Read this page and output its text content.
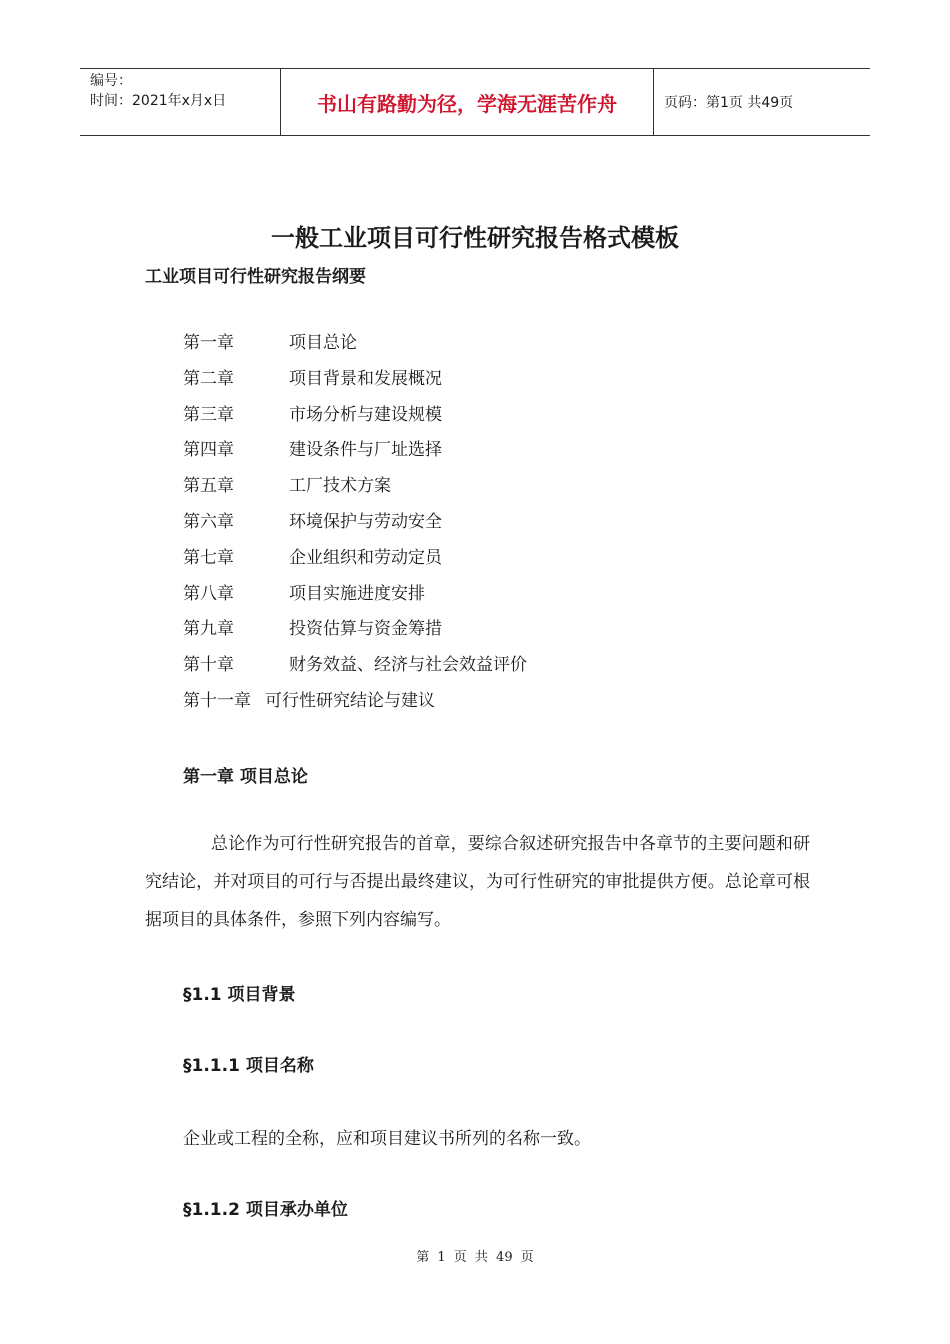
编号：
时间：2021年x月x日	书山有路勤为径，学海无涯苦作舟	页码：第1页 共49页
一般工业项目可行性研究报告格式模板
工业项目可行性研究报告纲要
第一章	项目总论
第二章	项目背景和发展概况
第三章	市场分析与建设规模
第四章	建设条件与厂址选择
第五章	工厂技术方案
第六章	环境保护与劳动安全
第七章	企业组织和劳动定员
第八章	项目实施进度安排
第九章	投资估算与资金筹措
第十章	财务效益、经济与社会效益评价
第十一章 可行性研究结论与建议
第一章 项目总论
总论作为可行性研究报告的首章，要综合叙述研究报告中各章节的主要问题和研究结论，并对项目的可行与否提出最终建议，为可行性研究的审批提供方便。总论章可根据项目的具体条件，参照下列内容编写。
§1.1 项目背景
§1.1.1 项目名称
企业或工程的全称，应和项目建议书所列的名称一致。
§1.1.2 项目承办单位
第 1 页 共 49 页
